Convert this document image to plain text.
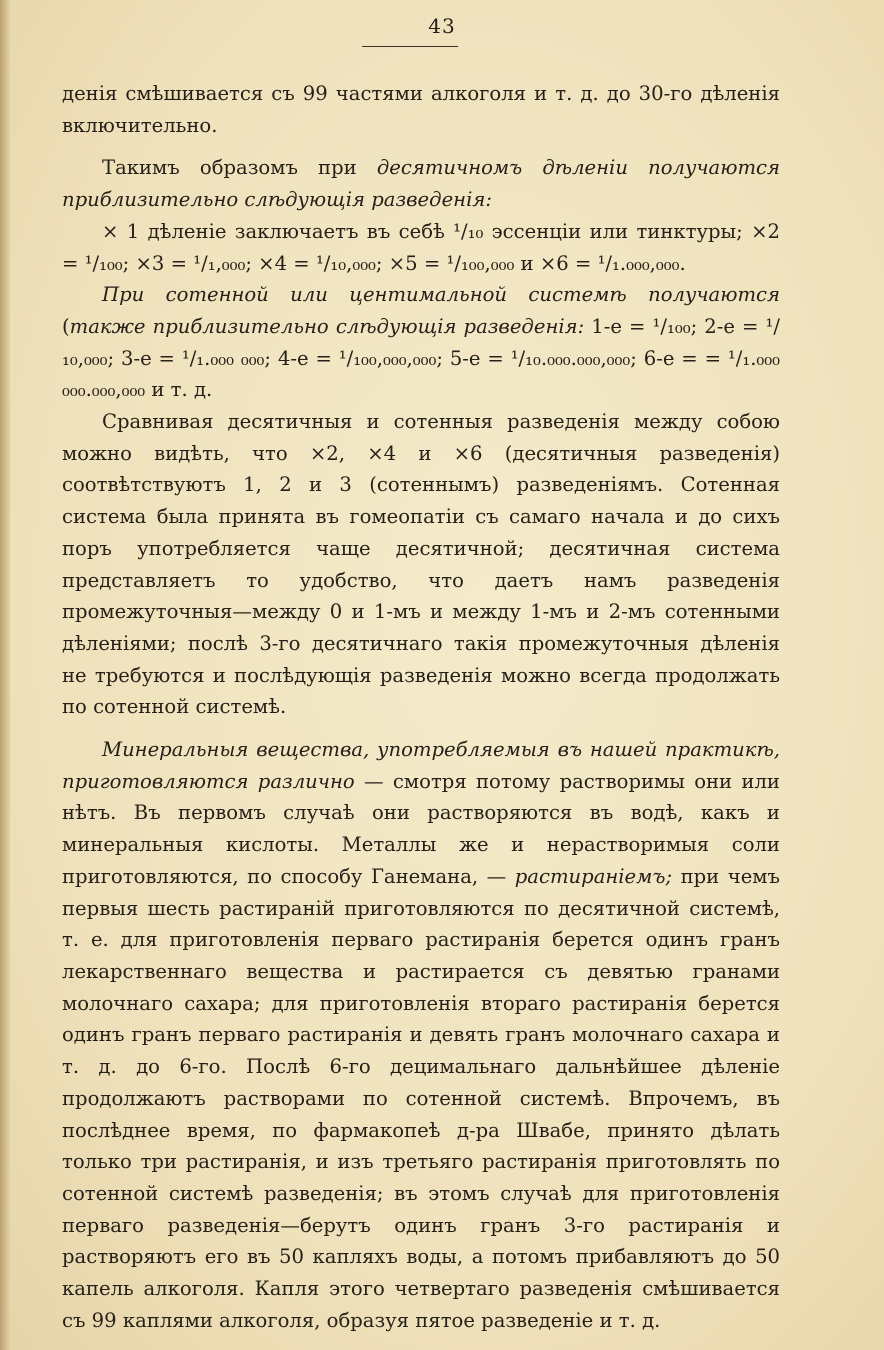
43

денія смѣшивается съ 99 частями алкоголя и т. д. до 30-го дѣленія включительно.

Такимъ образомъ при десятичномъ дѣленіи получаются приблизительно слѣдующія разведенія:

× 1 дѣленіе заключаетъ въ себѣ ¹/₁₀ эссенціи или тинктуры; ×2 = ¹/₁₀₀; ×3 = ¹/₁,₀₀₀; ×4 = ¹/₁₀,₀₀₀; ×5 = ¹/₁₀₀,₀₀₀ и ×6 = ¹/₁.₀₀₀,₀₀₀.

При сотенной или центимальной системѣ получаются (также приблизительно слѣдующія разведенія: 1-е = ¹/₁₀₀; 2-е = ¹/₁₀,₀₀₀; 3-е = ¹/₁.₀₀₀ ₀₀₀; 4-е = ¹/₁₀₀,₀₀₀,₀₀₀; 5-е = ¹/₁₀.₀₀₀.₀₀₀,₀₀₀; 6-е = = ¹/₁.₀₀₀ ₀₀₀.₀₀₀,₀₀₀ и т. д.

Сравнивая десятичныя и сотенныя разведенія между собою можно видѣть, что ×2, ×4 и ×6 (десятичныя разведенія) соотвѣтствуютъ 1, 2 и 3 (сотеннымъ) разведеніямъ. Сотенная система была принята въ гомеопатіи съ самаго начала и до сихъ поръ употребляется чаще десятичной; десятичная система представляетъ то удобство, что даетъ намъ разведенія промежуточныя—между 0 и 1-мъ и между 1-мъ и 2-мъ сотенными дѣленіями; послѣ 3-го десятичнаго такія промежуточныя дѣленія не требуются и послѣдующія разведенія можно всегда продолжать по сотенной системѣ.

Минеральныя вещества, употребляемыя въ нашей практикѣ, приготовляются различно — смотря потому растворимы они или нѣтъ. Въ первомъ случаѣ они растворяются въ водѣ, какъ и минеральныя кислоты. Металлы же и нерастворимыя соли приготовляются, по способу Ганемана, — растираніемъ; при чемъ первыя шесть растираній приготовляются по десятичной системѣ, т. е. для приготовленія перваго растиранія берется одинъ гранъ лекарственнаго вещества и растирается съ девятью гранами молочнаго сахара; для приготовленія втораго растиранія берется одинъ гранъ перваго растиранія и девять гранъ молочнаго сахара и т. д. до 6-го. Послѣ 6-го децимальнаго дальнѣйшее дѣленіе продолжаютъ растворами по сотенной системѣ. Впрочемъ, въ послѣднее время, по фармакопеѣ д-ра Швабе, принято дѣлать только три растиранія, и изъ третьяго растиранія приготовлять по сотенной системѣ разведенія; въ этомъ случаѣ для приготовленія перваго разведенія—берутъ одинъ гранъ 3-го растиранія и растворяютъ его въ 50 капляхъ воды, а потомъ прибавляютъ до 50 капель алкоголя. Капля этого четвертаго разведенія смѣшивается съ 99 каплями алкоголя, образуя пятое разведеніе и т. д.
